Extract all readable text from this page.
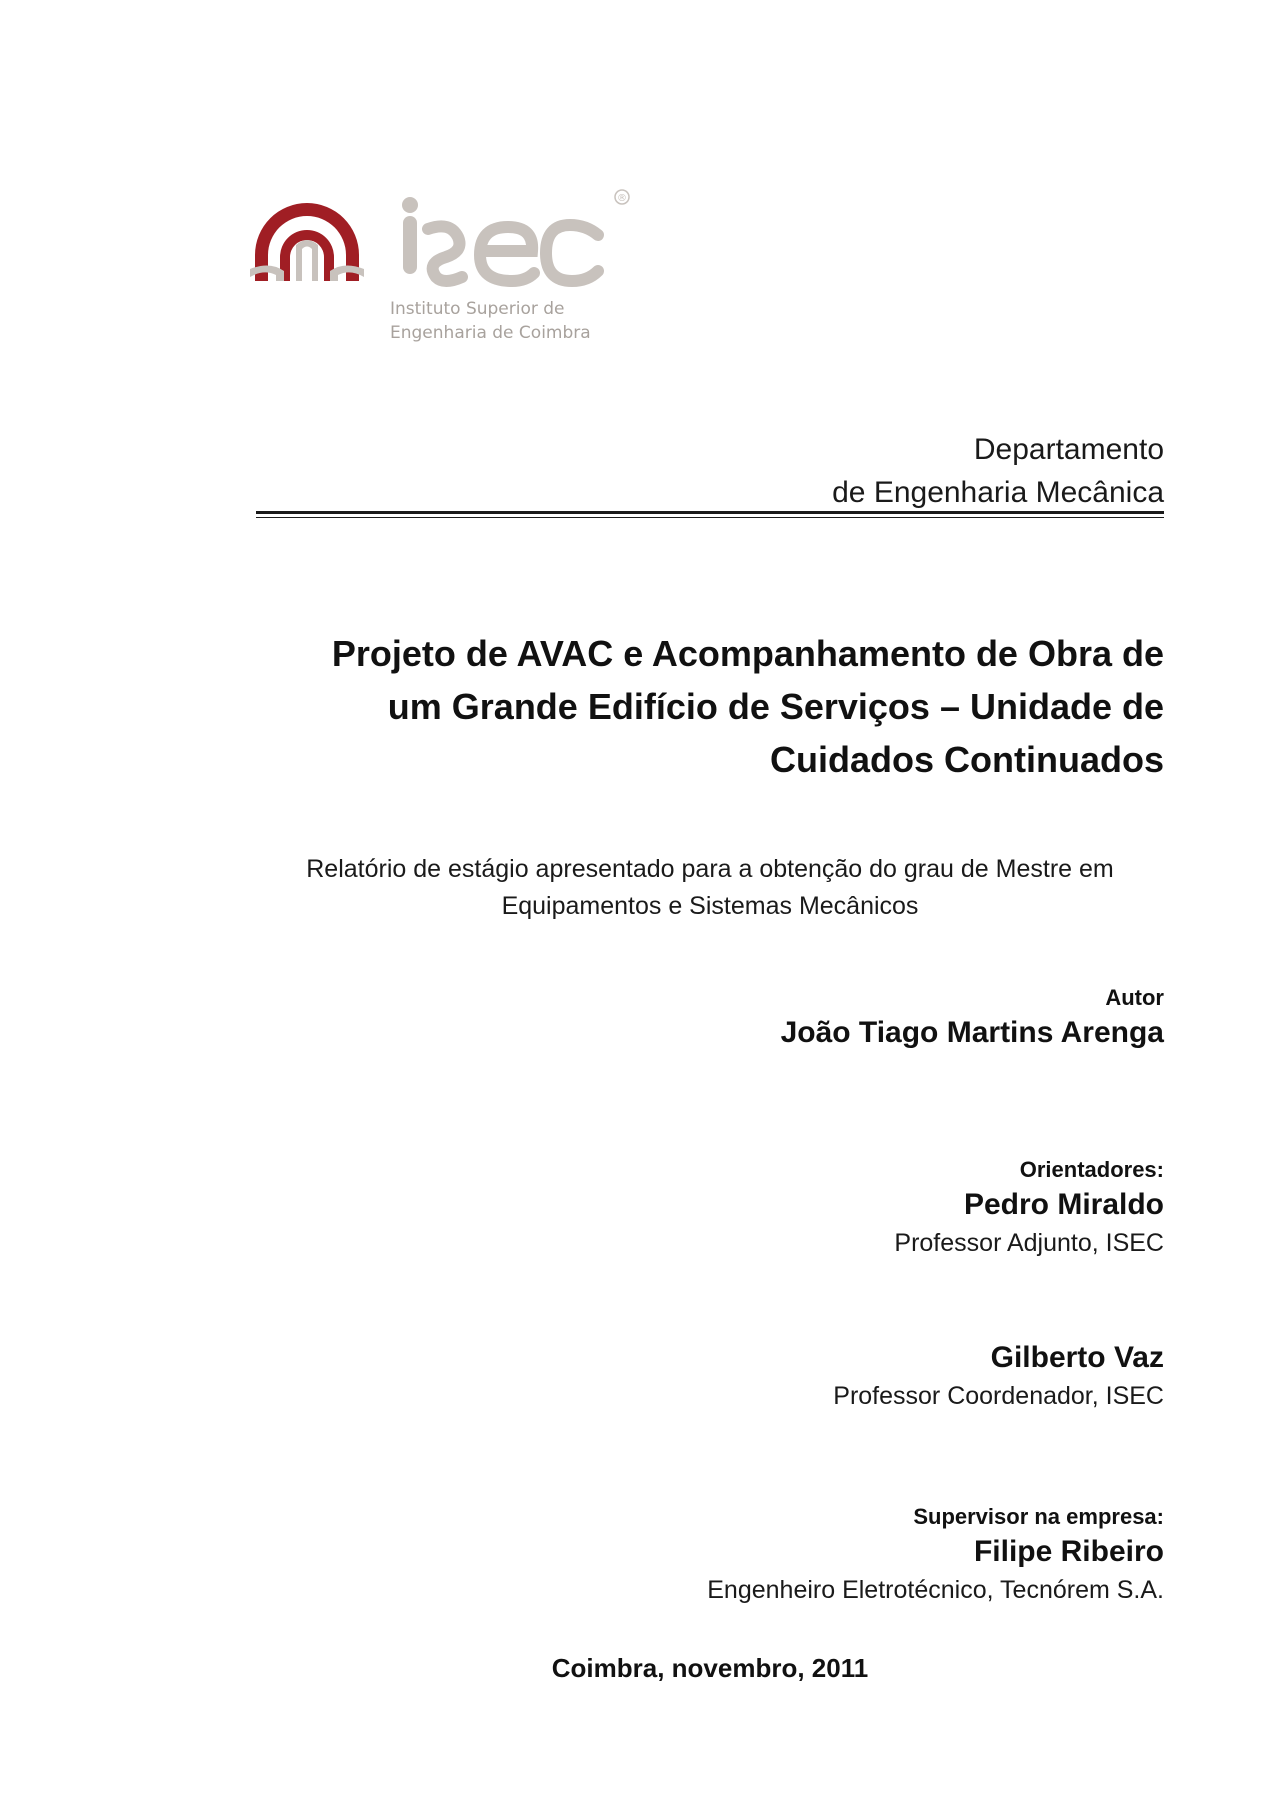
®
Instituto Superior de
Engenharia de Coimbra
Departamento
de Engenharia Mecânica
Projeto de AVAC e Acompanhamento de Obra de
um Grande Edifício de Serviços – Unidade de
Cuidados Continuados
Relatório de estágio apresentado para a obtenção do grau de Mestre em
Equipamentos e Sistemas Mecânicos
Autor
João Tiago Martins Arenga
Orientadores:
Pedro Miraldo
Professor Adjunto, ISEC
Gilberto Vaz
Professor Coordenador, ISEC
Supervisor na empresa:
Filipe Ribeiro
Engenheiro Eletrotécnico, Tecnórem S.A.
Coimbra, novembro, 2011
